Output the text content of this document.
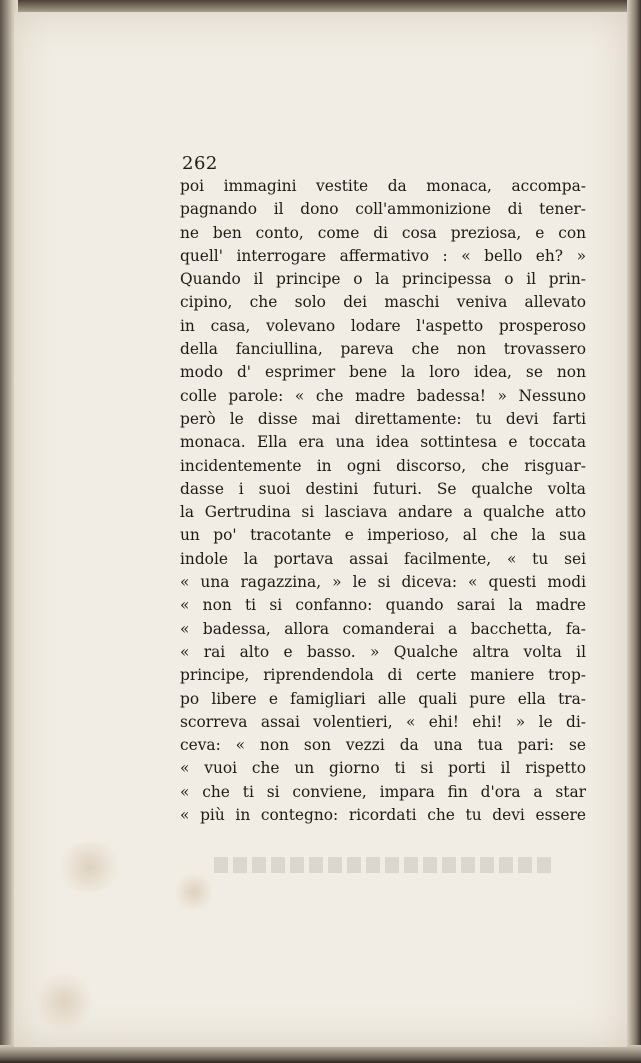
262
poi immagini vestite da monaca, accompa-
pagnando il dono coll'ammonizione di tener-
ne ben conto, come di cosa preziosa, e con
quell' interrogare affermativo : « bello eh? »
Quando il principe o la principessa o il prin-
cipino, che solo dei maschi veniva allevato
in casa, volevano lodare l'aspetto prosperoso
della fanciullina, pareva che non trovassero
modo d' esprimer bene la loro idea, se non
colle parole: « che madre badessa! » Nessuno
però le disse mai direttamente: tu devi farti
monaca. Ella era una idea sottintesa e toccata
incidentemente in ogni discorso, che risguar-
dasse i suoi destini futuri. Se qualche volta
la Gertrudina si lasciava andare a qualche atto
un po' tracotante e imperioso, al che la sua
indole la portava assai facilmente, « tu sei
« una ragazzina, » le si diceva: « questi modi
« non ti si confanno: quando sarai la madre
« badessa, allora comanderai a bacchetta, fa-
« rai alto e basso. » Qualche altra volta il
principe, riprendendola di certe maniere trop-
po libere e famigliari alle quali pure ella tra-
scorreva assai volentieri, « ehi! ehi! » le di-
ceva: « non son vezzi da una tua pari: se
« vuoi che un giorno ti si porti il rispetto
« che ti si conviene, impara fin d'ora a star
« più in contegno: ricordati che tu devi essere
